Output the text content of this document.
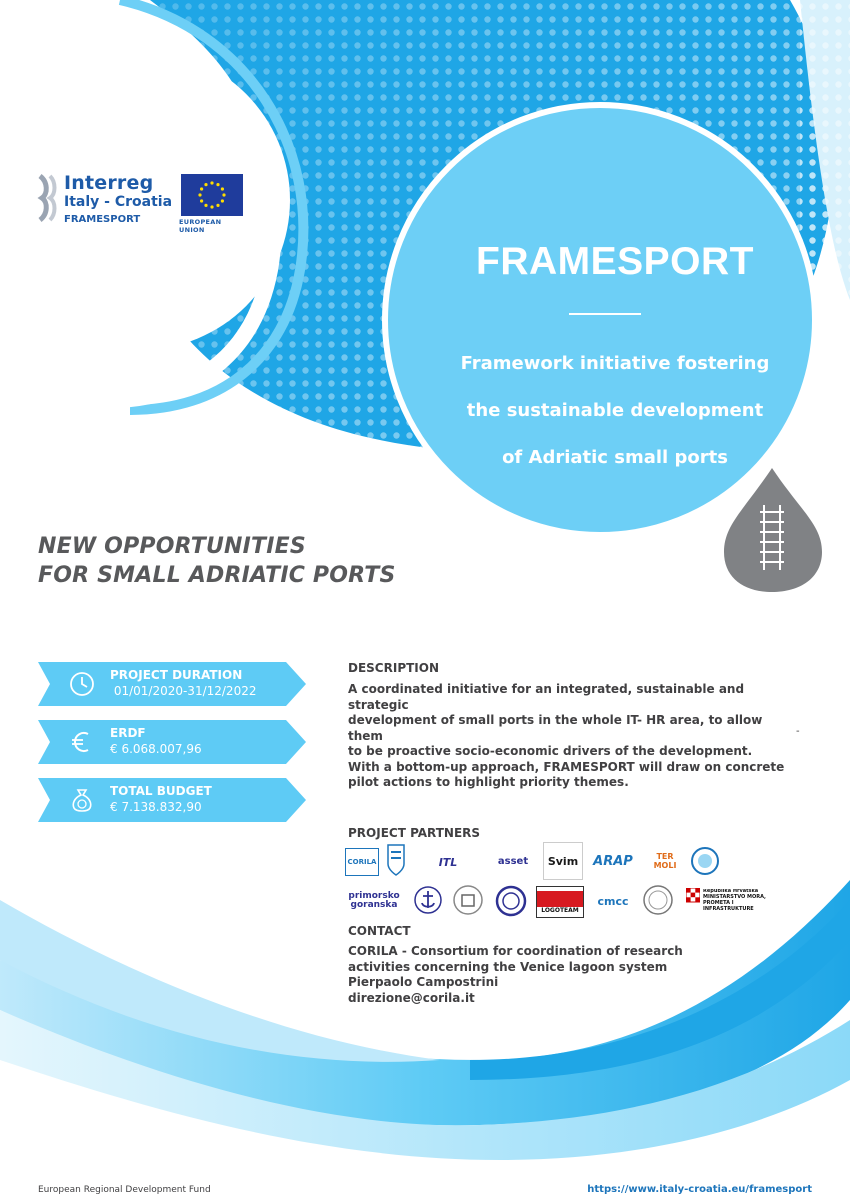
Interreg
Italy - Croatia
FRAMESPORT	EUROPEAN UNION
FRAMESPORT
Framework initiative fostering
the sustainable development
of Adriatic small ports
NEW OPPORTUNITIES
FOR SMALL ADRIATIC PORTS
PROJECT DURATION
01/01/2020-31/12/2022
ERDF
€ 6.068.007,96
TOTAL BUDGET
€ 7.138.832,90
DESCRIPTION
A coordinated initiative for an integrated, sustainable and strategic
development of small ports in the whole IT- HR area, to allow them
to be proactive socio-economic drivers of the development.
With a bottom-up approach, FRAMESPORT will draw on concrete
pilot actions to highlight priority themes.
-
PROJECT PARTNERS
CORILA	ITL	asset	Svim	ARAP	TER MOLI
primorsko goranska	LOGOTEAM
cmcc
Republika Hrvatska MINISTARSTVO MORA, PROMETA I INFRASTRUKTURE
CONTACT
CORILA - Consortium for coordination of research
activities concerning the Venice lagoon system
Pierpaolo Campostrini
direzione@corila.it
European Regional Development Fund	https://www.italy-croatia.eu/framesport
